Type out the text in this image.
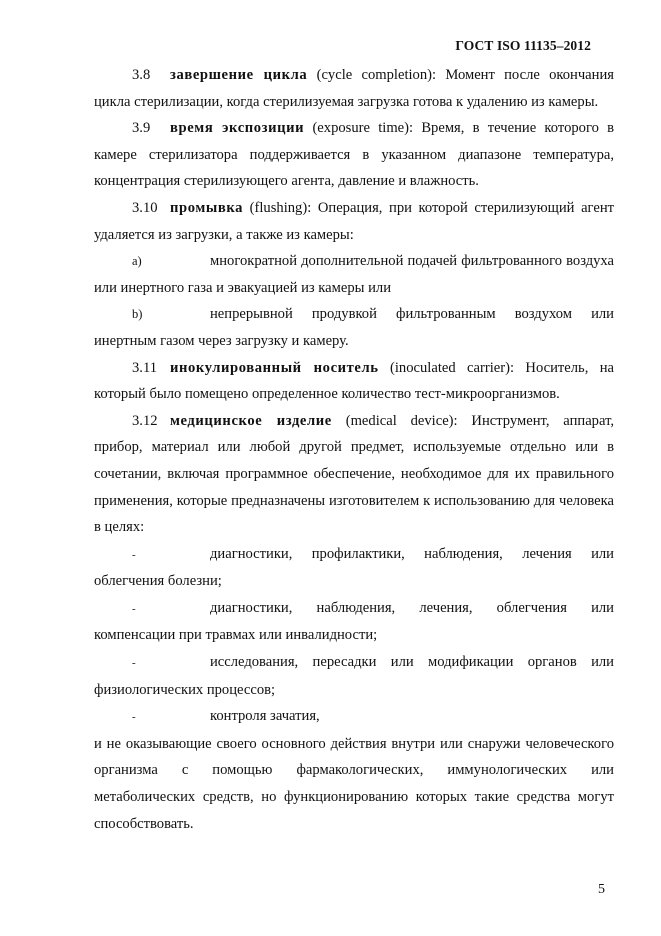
ГОСТ ISO 11135–2012

3.8 завершение цикла (cycle completion): Момент после окончания цикла стерилизации, когда стерилизуемая загрузка готова к удалению из камеры.

3.9 время экспозиции (exposure time): Время, в течение которого в камере стерилизатора поддерживается в указанном диапазоне температура, концентрация стерилизующего агента, давление и влажность.

3.10 промывка (flushing): Операция, при которой стерилизующий агент удаляется из загрузки, а также из камеры:

a)	многократной дополнительной подачей фильтрованного воздуха или инертного газа и эвакуацией из камеры или

b)	непрерывной продувкой фильтрованным воздухом или инертным газом через загрузку и камеру.

3.11 инокулированный носитель (inoculated carrier): Носитель, на который было помещено определенное количество тест-микроорганизмов.

3.12 медицинское изделие (medical device): Инструмент, аппарат, прибор, материал или любой другой предмет, используемые отдельно или в сочетании, включая программное обеспечение, необходимое для их правильного применения, которые предназначены изготовителем к использованию для человека в целях:

-	диагностики, профилактики, наблюдения, лечения или облегчения болезни;

-	диагностики, наблюдения, лечения, облегчения или компенсации при травмах или инвалидности;

-	исследования, пересадки или модификации органов или физиологических процессов;

-	контроля зачатия,

и не оказывающие своего основного действия внутри или снаружи человеческого организма с помощью фармакологических, иммунологических или метаболических средств, но функционированию которых такие средства могут способствовать.

5
